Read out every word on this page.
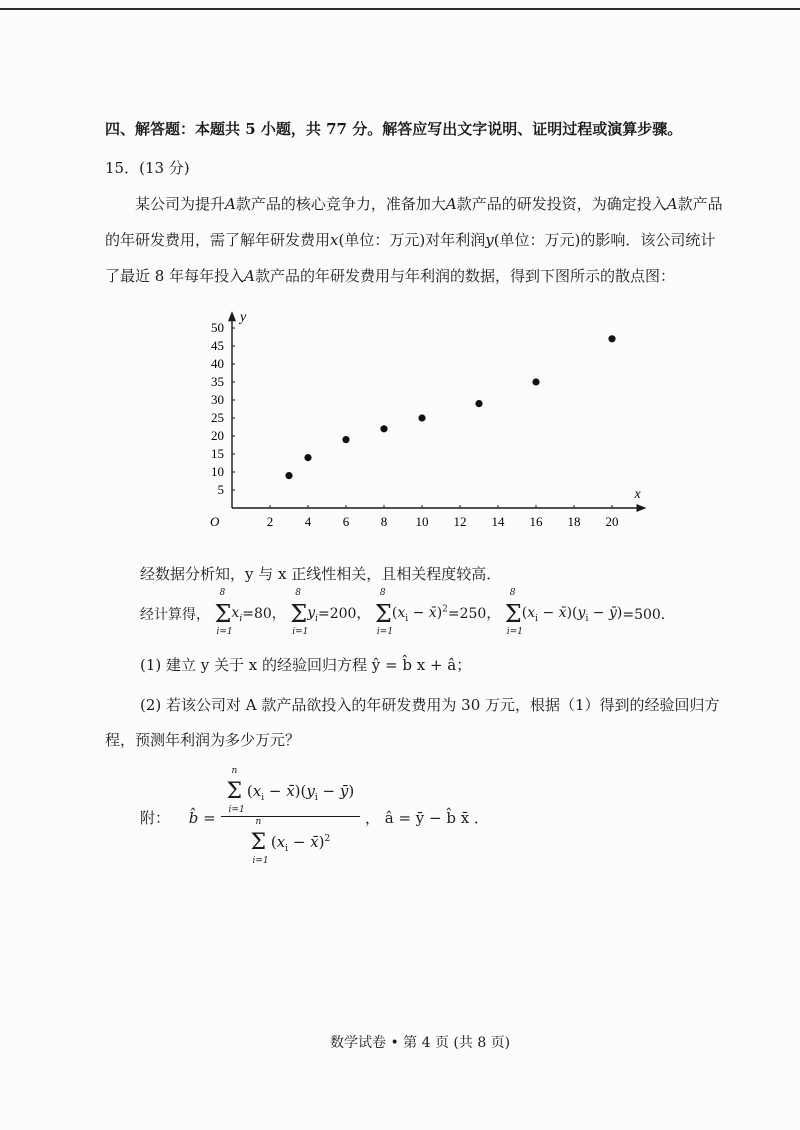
四、解答题：本题共 5 小题，共 77 分。解答应写出文字说明、证明过程或演算步骤。
15．(13 分)
某公司为提升A款产品的核心竞争力，准备加大A款产品的研发投资，为确定投入A款产品的年研发费用，需了解年研发费用x(单位：万元)对年利润y(单位：万元)的影响．该公司统计了最近 8 年每年投入A款产品的年研发费用与年利润的数据，得到下图所示的散点图：
x
y
O	2 4 6 8 10 12 14 16 18 20
5
10
15
20
25
30
35
40
45
50
经数据分析知，y 与 x 正线性相关，且相关程度较高．
经计算得，
8
Σ
i=1
$x_i=80$，
8
Σ
i=1
$y_i=200$，
8
Σ
i=1
($x_i$ − x̄)$^2$=250，
8
Σ
i=1
($x_i$ − $x̄)(y_i$ − ȳ)=500．
(1) 建立 y 关于 x 的经验回归方程 ŷ = b̂ x + â；
(2) 若该公司对 A 款产品欲投入的年研发费用为 30 万元，根据（1）得到的经验回归方
程，预测年利润为多少万元？
附： b̂ = n
Σ
i=1
($x_i$ − $x̄)(y_i$ − ȳ)
n
Σ
i=1
($x_i$ − x̄)$^2$ ， â = ȳ − b̂ x̄ ．
数学试卷 • 第 4 页 (共 8 页)
